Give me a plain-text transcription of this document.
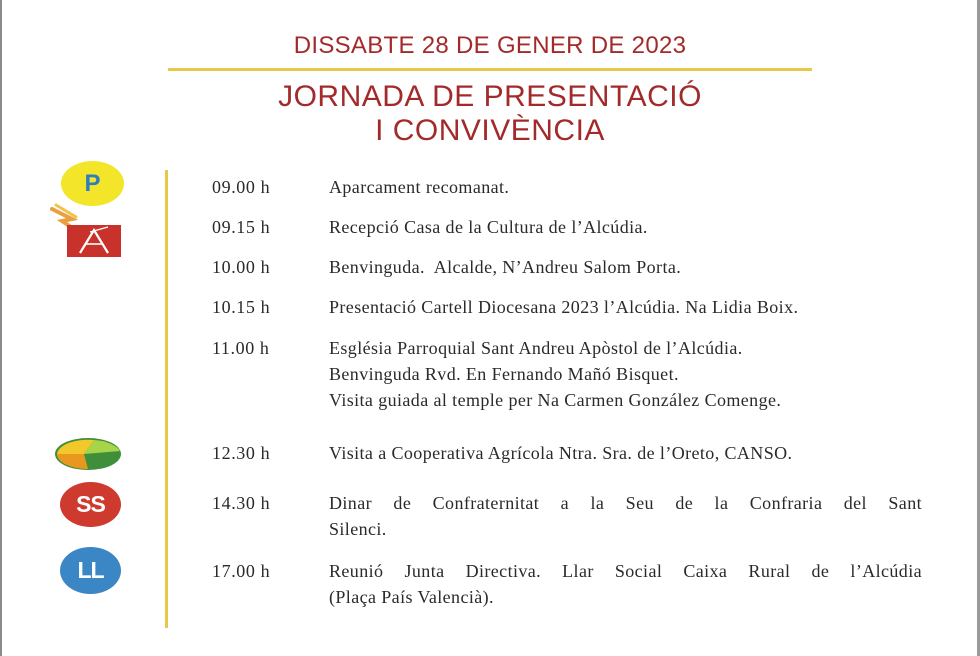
DISSABTE 28 DE GENER DE 2023
JORNADA DE PRESENTACIÓ
I CONVIVÈNCIA
P
SS
LL
09.00 h	Aparcament recomanat.
09.15 h	Recepció Casa de la Cultura de l’Alcúdia.
10.00 h	Benvinguda.  Alcalde, N’Andreu Salom Porta.
10.15 h	Presentació Cartell Diocesana 2023 l’Alcúdia. Na Lidia Boix.
11.00 h	Església Parroquial Sant Andreu Apòstol de l’Alcúdia.
Benvinguda Rvd. En Fernando Mañó Bisquet.
Visita guiada al temple per Na Carmen González Comenge.
12.30 h	Visita a Cooperativa Agrícola Ntra. Sra. de l’Oreto, CANSO.
14.30 h	Dinar de Confraternitat a la Seu de la Confraria del Sant
Silenci.
17.00 h	Reunió Junta Directiva. Llar Social Caixa Rural de l’Alcúdia
(Plaça País Valencià).
